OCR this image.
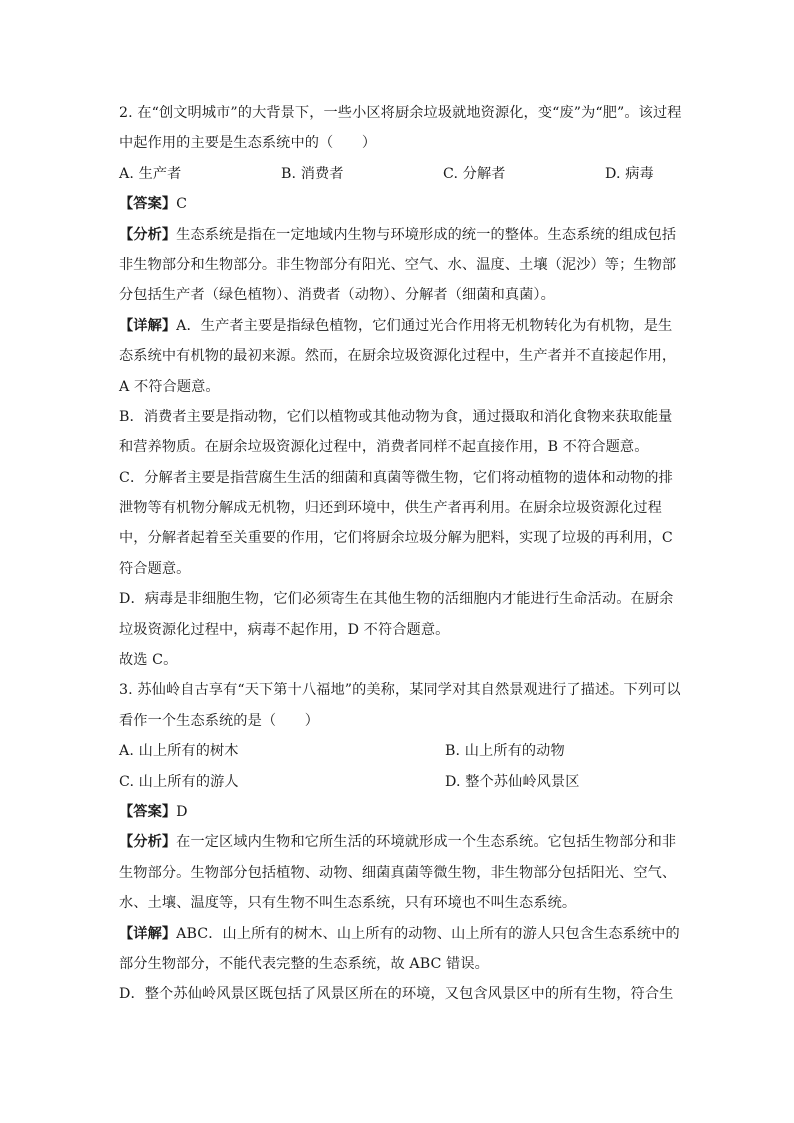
2. 在“创文明城市”的大背景下，一些小区将厨余垃圾就地资源化，变“废”为“肥”。该过程
中起作用的主要是生态系统中的（　　）
A. 生产者	B. 消费者	C. 分解者	D. 病毒
【答案】C
【分析】生态系统是指在一定地域内生物与环境形成的统一的整体。生态系统的组成包括
非生物部分和生物部分。非生物部分有阳光、空气、水、温度、土壤（泥沙）等；生物部
分包括生产者（绿色植物）、消费者（动物）、分解者（细菌和真菌）。
【详解】A．生产者主要是指绿色植物，它们通过光合作用将无机物转化为有机物，是生
态系统中有机物的最初来源。然而，在厨余垃圾资源化过程中，生产者并不直接起作用，
A 不符合题意。
B．消费者主要是指动物，它们以植物或其他动物为食，通过摄取和消化食物来获取能量
和营养物质。在厨余垃圾资源化过程中，消费者同样不起直接作用，B 不符合题意。
C．分解者主要是指营腐生生活的细菌和真菌等微生物，它们将动植物的遗体和动物的排
泄物等有机物分解成无机物，归还到环境中，供生产者再利用。在厨余垃圾资源化过程
中，分解者起着至关重要的作用，它们将厨余垃圾分解为肥料，实现了垃圾的再利用，C
符合题意。
D．病毒是非细胞生物，它们必须寄生在其他生物的活细胞内才能进行生命活动。在厨余
垃圾资源化过程中，病毒不起作用，D 不符合题意。
故选 C。
3. 苏仙岭自古享有“天下第十八福地”的美称，某同学对其自然景观进行了描述。下列可以
看作一个生态系统的是（　　）
A. 山上所有的树木	B. 山上所有的动物
C. 山上所有的游人	D. 整个苏仙岭风景区
【答案】D
【分析】在一定区域内生物和它所生活的环境就形成一个生态系统。它包括生物部分和非
生物部分。生物部分包括植物、动物、细菌真菌等微生物，非生物部分包括阳光、空气、
水、土壤、温度等，只有生物不叫生态系统，只有环境也不叫生态系统。
【详解】ABC．山上所有的树木、山上所有的动物、山上所有的游人只包含生态系统中的
部分生物部分，不能代表完整的生态系统，故 ABC 错误。
D．整个苏仙岭风景区既包括了风景区所在的环境，又包含风景区中的所有生物，符合生
